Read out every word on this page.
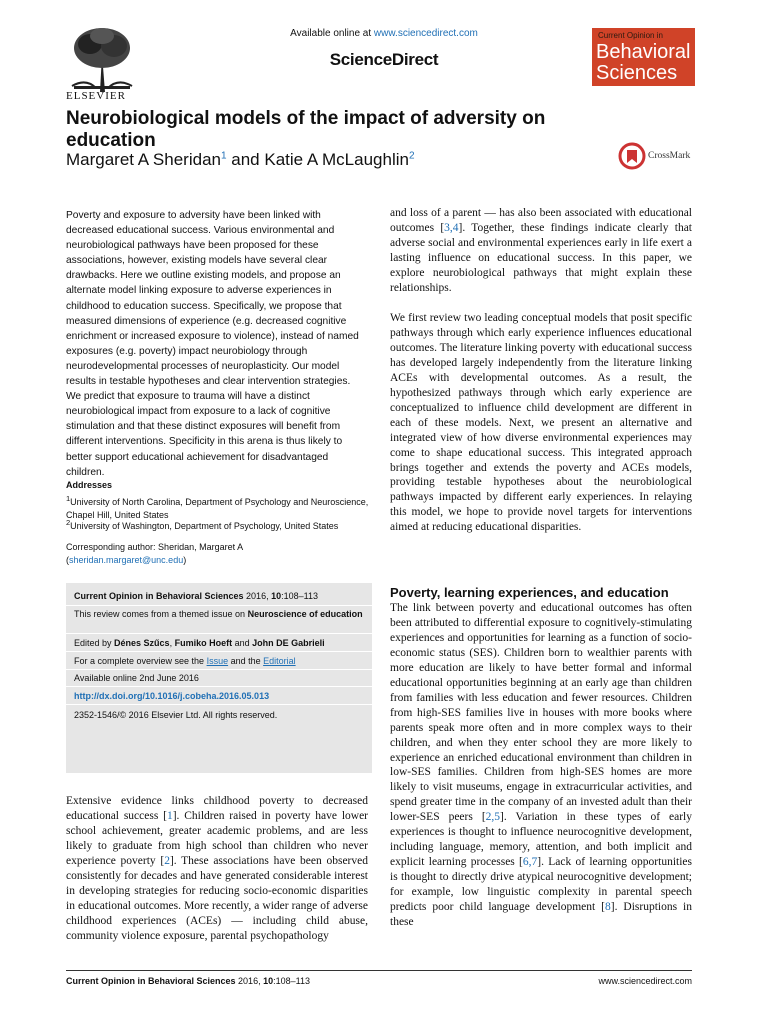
ELSEVIER
Available online at www.sciencedirect.com
ScienceDirect
Current Opinion in
Behavioral
Sciences
Neurobiological models of the impact of adversity on education
Margaret A Sheridan$^1$ and Katie A McLaughlin$^2$	CrossMark
Poverty and exposure to adversity have been linked with decreased educational success. Various environmental and neurobiological pathways have been proposed for these associations, however, existing models have several clear drawbacks. Here we outline existing models, and propose an alternate model linking exposure to adverse experiences in childhood to education success. Specifically, we propose that measured dimensions of experience (e.g. decreased cognitive enrichment or increased exposure to violence), instead of named exposures (e.g. poverty) impact neurobiology through neurodevelopmental processes of neuroplasticity. Our model results in testable hypotheses and clear intervention strategies. We predict that exposure to trauma will have a distinct neurobiological impact from exposure to a lack of cognitive stimulation and that these distinct exposures will benefit from different interventions. Specificity in this arena is thus likely to better support educational achievement for disadvantaged children.
Addresses
$^1$University of North Carolina, Department of Psychology and Neuroscience, Chapel Hill, United States
$^2$University of Washington, Department of Psychology, United States
Corresponding author: Sheridan, Margaret A
(sheridan.margaret@unc.edu)
Current Opinion in Behavioral Sciences 2016, 10:108–113
This review comes from a themed issue on Neuroscience of education
Edited by Dénes Szűcs, Fumiko Hoeft and John DE Gabrieli
For a complete overview see the Issue and the Editorial
Available online 2nd June 2016
http://dx.doi.org/10.1016/j.cobeha.2016.05.013
2352-1546/© 2016 Elsevier Ltd. All rights reserved.
Extensive evidence links childhood poverty to decreased educational success [1]. Children raised in poverty have lower school achievement, greater academic problems, and are less likely to graduate from high school than children who never experience poverty [2]. These associations have been observed consistently for decades and have generated considerable interest in developing strategies for reducing socio-economic disparities in educational outcomes. More recently, a wider range of adverse childhood experiences (ACEs) — including child abuse, community violence exposure, parental psychopathology
and loss of a parent — has also been associated with educational outcomes [3,4]. Together, these findings indicate clearly that adverse social and environmental experiences early in life exert a lasting influence on educational success. In this paper, we explore neurobiological pathways that might explain these relationships.
We first review two leading conceptual models that posit specific pathways through which early experience influences educational outcomes. The literature linking poverty with educational success has developed largely independently from the literature linking ACEs with developmental outcomes. As a result, the hypothesized pathways through which early experience are conceptualized to influence child development are different in each of these models. Next, we present an alternative and integrated view of how diverse environmental experiences may come to shape educational success. This integrated approach brings together and extends the poverty and ACEs models, providing testable hypotheses about the neurobiological pathways impacted by different early experiences. In relaying this model, we hope to provide novel targets for interventions aimed at reducing educational disparities.
Poverty, learning experiences, and education
The link between poverty and educational outcomes has often been attributed to differential exposure to cognitively-stimulating experiences and opportunities for learning as a function of socio-economic status (SES). Children born to wealthier parents with more education are likely to have better formal and informal educational opportunities beginning at an early age than children from families with less education and fewer resources. Children from high-SES families live in houses with more books where parents speak more often and in more complex ways to their children, and when they enter school they are more likely to experience an enriched educational environment than children in low-SES families. Children from high-SES homes are more likely to visit museums, engage in extracurricular activities, and spend greater time in the company of an invested adult than their lower-SES peers [2,5]. Variation in these types of early experiences is thought to influence neurocognitive development, including language, memory, attention, and both implicit and explicit learning processes [6,7]. Lack of learning opportunities is thought to directly drive atypical neurocognitive development; for example, low linguistic complexity in parental speech predicts poor child language development [8]. Disruptions in these
Current Opinion in Behavioral Sciences 2016, 10:108–113	www.sciencedirect.com
